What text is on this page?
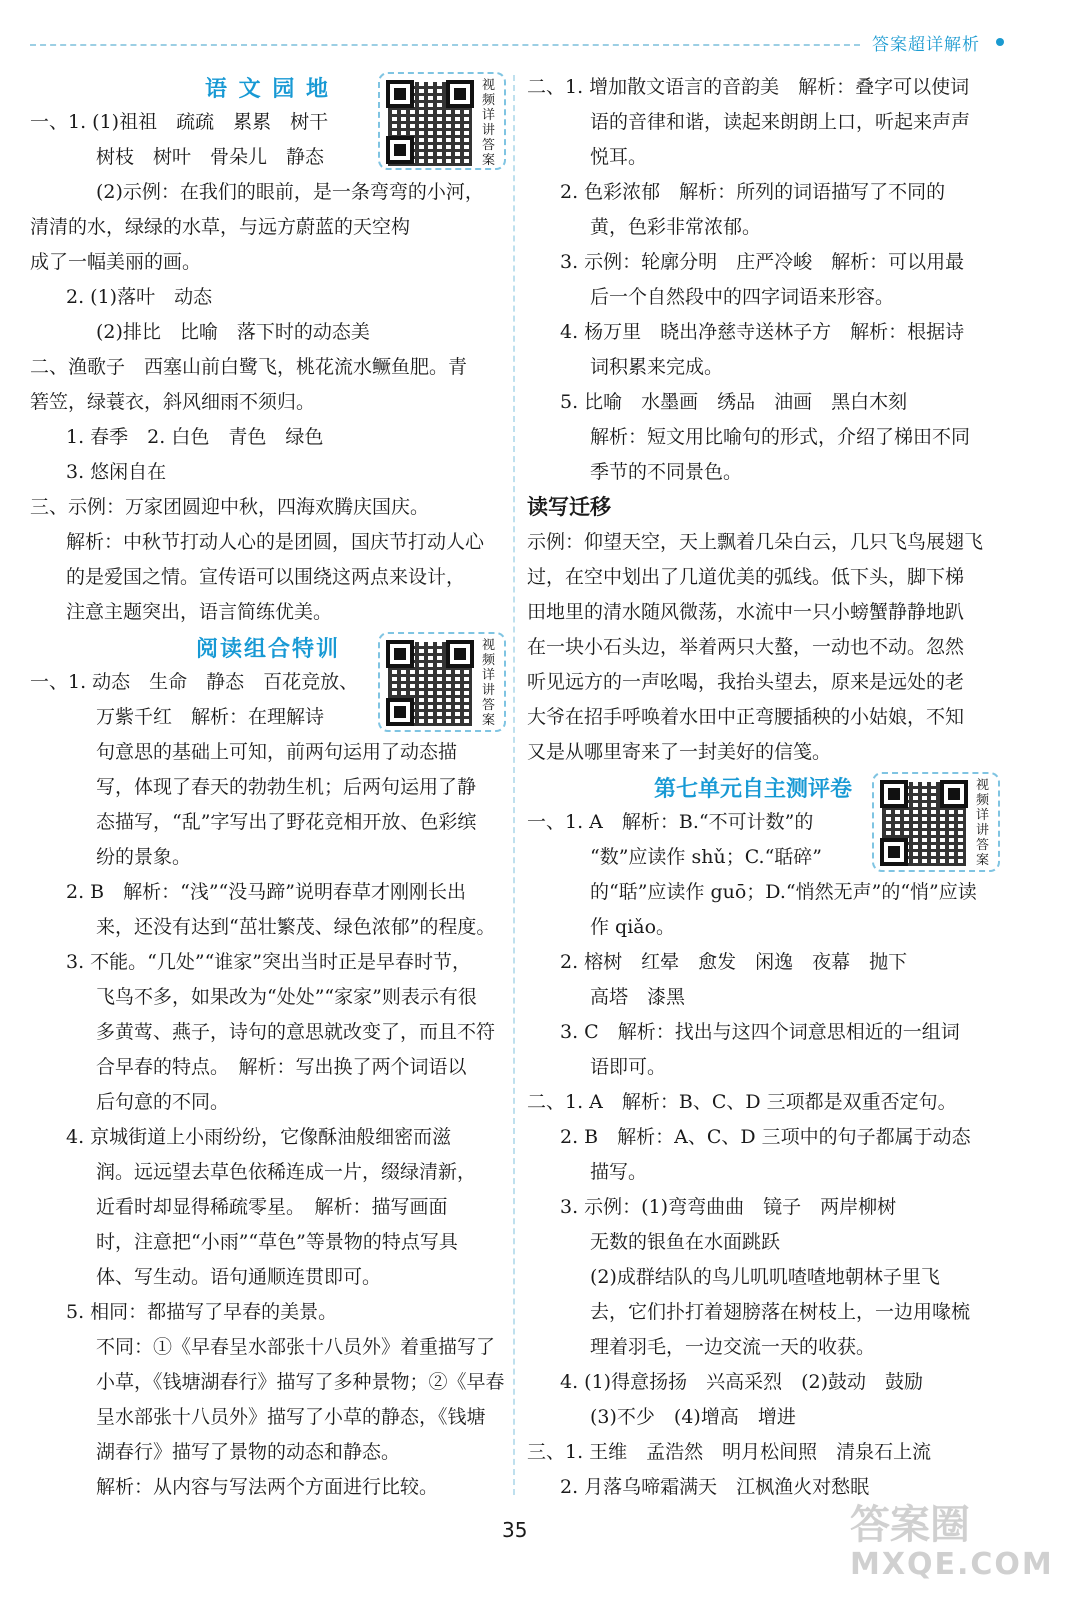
答案超详解析
语 文 园 地
阅读组合特训
视频详讲答案
视频详讲答案
一、1. (1)祖祖　疏疏　累累　树干
树枝　树叶　骨朵儿　静态
(2)示例：在我们的眼前，是一条弯弯的小河，
清清的水，绿绿的水草，与远方蔚蓝的天空构
成了一幅美丽的画。
2. (1)落叶　动态
(2)排比　比喻　落下时的动态美
二、渔歌子　西塞山前白鹭飞，桃花流水鳜鱼肥。青
箬笠，绿蓑衣，斜风细雨不须归。
1. 春季　2. 白色　青色　绿色
3. 悠闲自在
三、示例：万家团圆迎中秋，四海欢腾庆国庆。
解析：中秋节打动人心的是团圆，国庆节打动人心
的是爱国之情。宣传语可以围绕这两点来设计，
注意主题突出，语言简练优美。
一、1. 动态　生命　静态　百花竞放、
万紫千红　解析：在理解诗
句意思的基础上可知，前两句运用了动态描
写，体现了春天的勃勃生机；后两句运用了静
态描写，“乱”字写出了野花竞相开放、色彩缤
纷的景象。
2. B　解析：“浅”“没马蹄”说明春草才刚刚长出
来，还没有达到“茁壮繁茂、绿色浓郁”的程度。
3. 不能。“几处”“谁家”突出当时正是早春时节，
飞鸟不多，如果改为“处处”“家家”则表示有很
多黄莺、燕子，诗句的意思就改变了，而且不符
合早春的特点。　解析：写出换了两个词语以
后句意的不同。
4. 京城街道上小雨纷纷，它像酥油般细密而滋
润。远远望去草色依稀连成一片，缀绿清新，
近看时却显得稀疏零星。　解析：描写画面
时，注意把“小雨”“草色”等景物的特点写具
体、写生动。语句通顺连贯即可。
5. 相同：都描写了早春的美景。
不同：①《早春呈水部张十八员外》着重描写了
小草，《钱塘湖春行》描写了多种景物；②《早春
呈水部张十八员外》描写了小草的静态，《钱塘
湖春行》描写了景物的动态和静态。
解析：从内容与写法两个方面进行比较。
读写迁移
第七单元自主测评卷	视频详讲答案
二、1. 增加散文语言的音韵美　解析：叠字可以使词
语的音律和谐，读起来朗朗上口，听起来声声
悦耳。
2. 色彩浓郁　解析：所列的词语描写了不同的
黄，色彩非常浓郁。
3. 示例：轮廓分明　庄严冷峻　解析：可以用最
后一个自然段中的四字词语来形容。
4. 杨万里　晓出净慈寺送林子方　解析：根据诗
词积累来完成。
5. 比喻　水墨画　绣品　油画　黑白木刻
解析：短文用比喻句的形式，介绍了梯田不同
季节的不同景色。
示例：仰望天空，天上飘着几朵白云，几只飞鸟展翅飞
过，在空中划出了几道优美的弧线。低下头，脚下梯
田地里的清水随风微荡，水流中一只小螃蟹静静地趴
在一块小石头边，举着两只大螯，一动也不动。忽然
听见远方的一声吆喝，我抬头望去，原来是远处的老
大爷在招手呼唤着水田中正弯腰插秧的小姑娘，不知
又是从哪里寄来了一封美好的信笺。
一、1. A　解析：B.“不可计数”的
“数”应读作 shǔ；C.“聒碎”
的“聒”应读作 guō；D.“悄然无声”的“悄”应读
作 qiǎo。
2. 榕树　红晕　愈发　闲逸　夜幕　抛下
高塔　漆黑
3. C　解析：找出与这四个词意思相近的一组词
语即可。
二、1. A　解析：B、C、D 三项都是双重否定句。
2. B　解析：A、C、D 三项中的句子都属于动态
描写。
3. 示例：(1)弯弯曲曲　镜子　两岸柳树
无数的银鱼在水面跳跃
(2)成群结队的鸟儿叽叽喳喳地朝林子里飞
去，它们扑打着翅膀落在树枝上，一边用喙梳
理着羽毛，一边交流一天的收获。
4. (1)得意扬扬　兴高采烈　(2)鼓动　鼓励
(3)不少　(4)增高　增进
三、1. 王维　孟浩然　明月松间照　清泉石上流
2. 月落乌啼霜满天　江枫渔火对愁眠
35	答案圈
MXQE.COM
